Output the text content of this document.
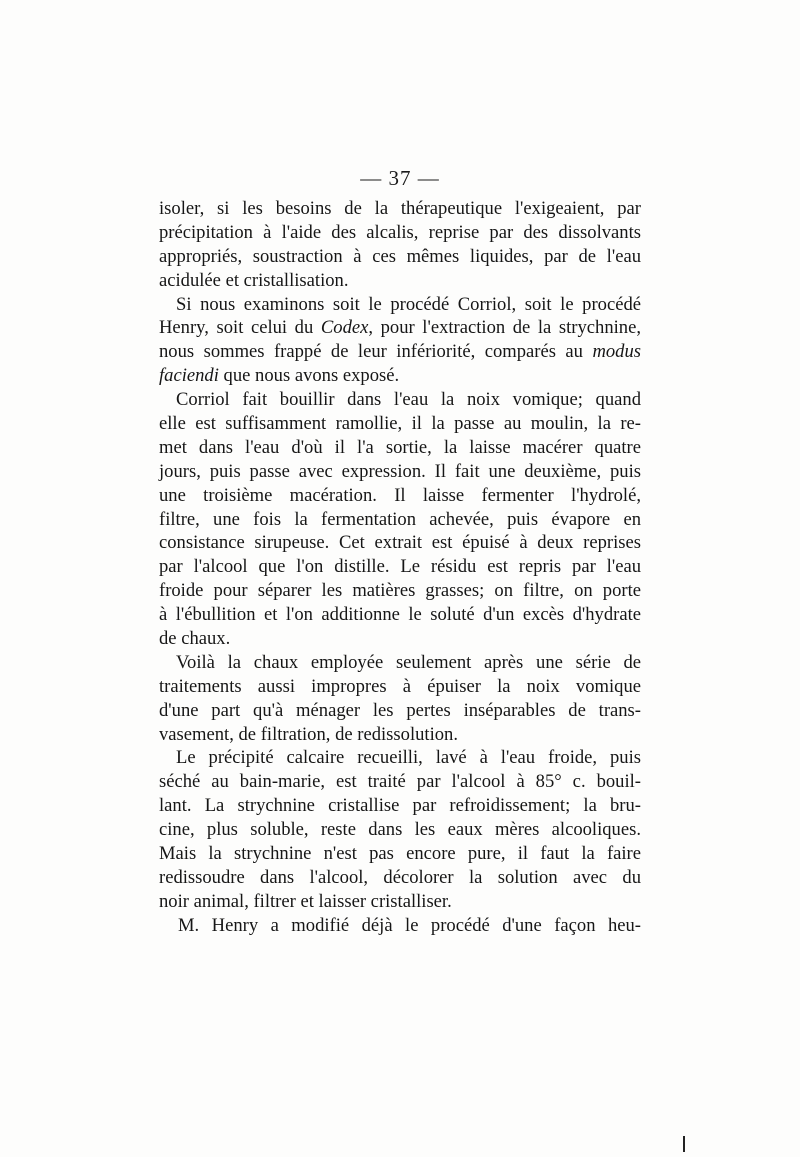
— 37 —
isoler, si les besoins de la thérapeutique l'exigeaient, par
précipitation à l'aide des alcalis, reprise par des dissolvants
appropriés, soustraction à ces mêmes liquides, par de l'eau
acidulée et cristallisation.
Si nous examinons soit le procédé Corriol, soit le procédé
Henry, soit celui du Codex, pour l'extraction de la strychnine,
nous sommes frappé de leur infériorité, comparés au modus
faciendi que nous avons exposé.
Corriol fait bouillir dans l'eau la noix vomique; quand
elle est suffisamment ramollie, il la passe au moulin, la re-
met dans l'eau d'où il l'a sortie, la laisse macérer quatre
jours, puis passe avec expression. Il fait une deuxième, puis
une troisième macération. Il laisse fermenter l'hydrolé,
filtre, une fois la fermentation achevée, puis évapore en
consistance sirupeuse. Cet extrait est épuisé à deux reprises
par l'alcool que l'on distille. Le résidu est repris par l'eau
froide pour séparer les matières grasses; on filtre, on porte
à l'ébullition et l'on additionne le soluté d'un excès d'hydrate
de chaux.
Voilà la chaux employée seulement après une série de
traitements aussi impropres à épuiser la noix vomique
d'une part qu'à ménager les pertes inséparables de trans-
vasement, de filtration, de redissolution.
Le précipité calcaire recueilli, lavé à l'eau froide, puis
séché au bain-marie, est traité par l'alcool à 85° c. bouil-
lant. La strychnine cristallise par refroidissement; la bru-
cine, plus soluble, reste dans les eaux mères alcooliques.
Mais la strychnine n'est pas encore pure, il faut la faire
redissoudre dans l'alcool, décolorer la solution avec du
noir animal, filtrer et laisser cristalliser.
M. Henry a modifié déjà le procédé d'une façon heu-
